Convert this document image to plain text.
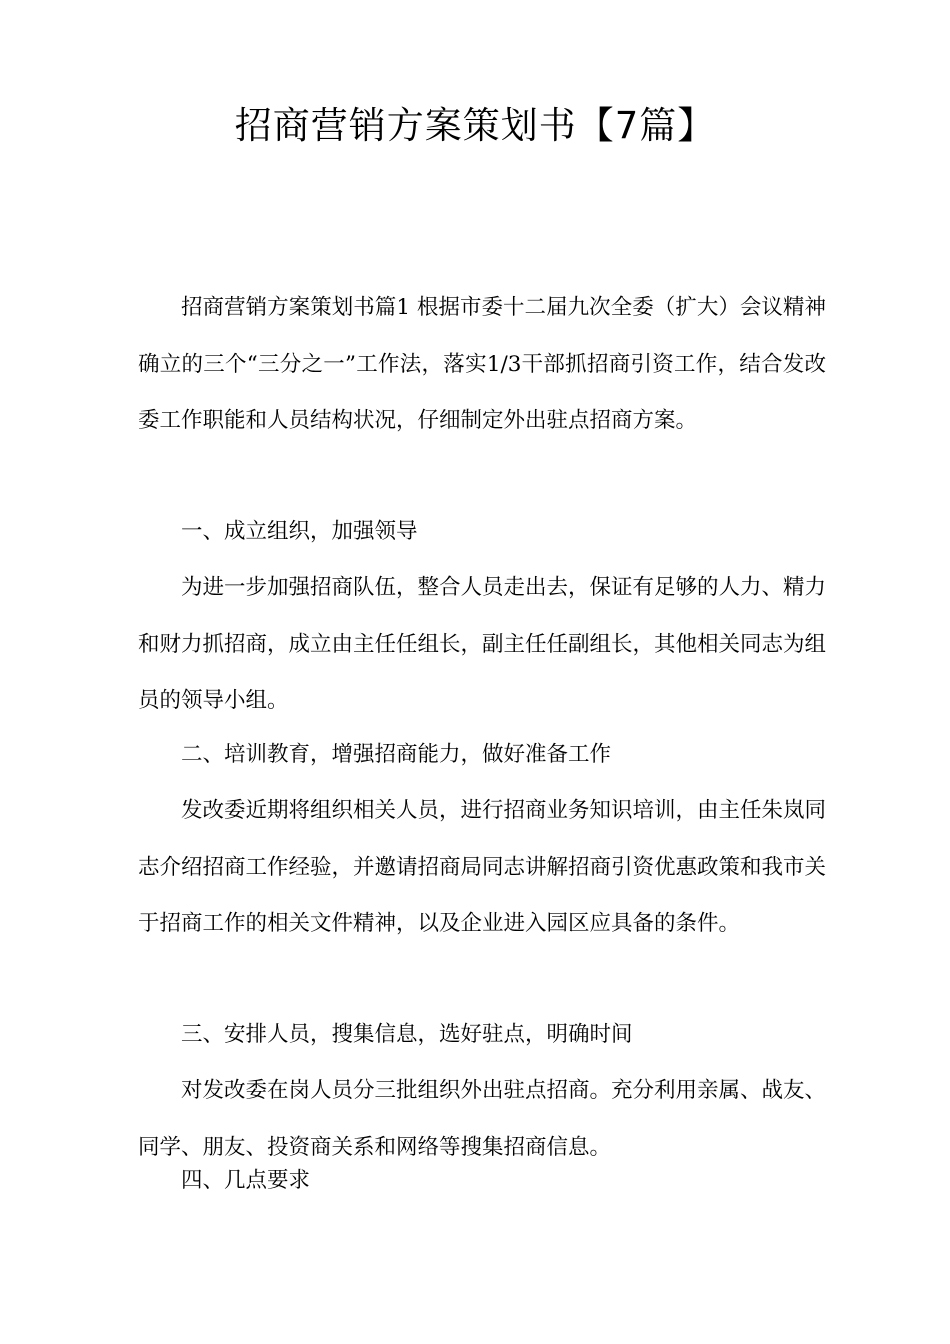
招商营销方案策划书【7篇】

招商营销方案策划书篇1 根据市委十二届九次全委（扩大）会议精神确立的三个“三分之一”工作法，落实1/3干部抓招商引资工作，结合发改委工作职能和人员结构状况，仔细制定外出驻点招商方案。

一、成立组织，加强领导

为进一步加强招商队伍，整合人员走出去，保证有足够的人力、精力和财力抓招商，成立由主任任组长，副主任任副组长，其他相关同志为组员的领导小组。

二、培训教育，增强招商能力，做好准备工作

发改委近期将组织相关人员，进行招商业务知识培训，由主任朱岚同志介绍招商工作经验，并邀请招商局同志讲解招商引资优惠政策和我市关于招商工作的相关文件精神，以及企业进入园区应具备的条件。

三、安排人员，搜集信息，选好驻点，明确时间

对发改委在岗人员分三批组织外出驻点招商。充分利用亲属、战友、同学、朋友、投资商关系和网络等搜集招商信息。

四、几点要求
